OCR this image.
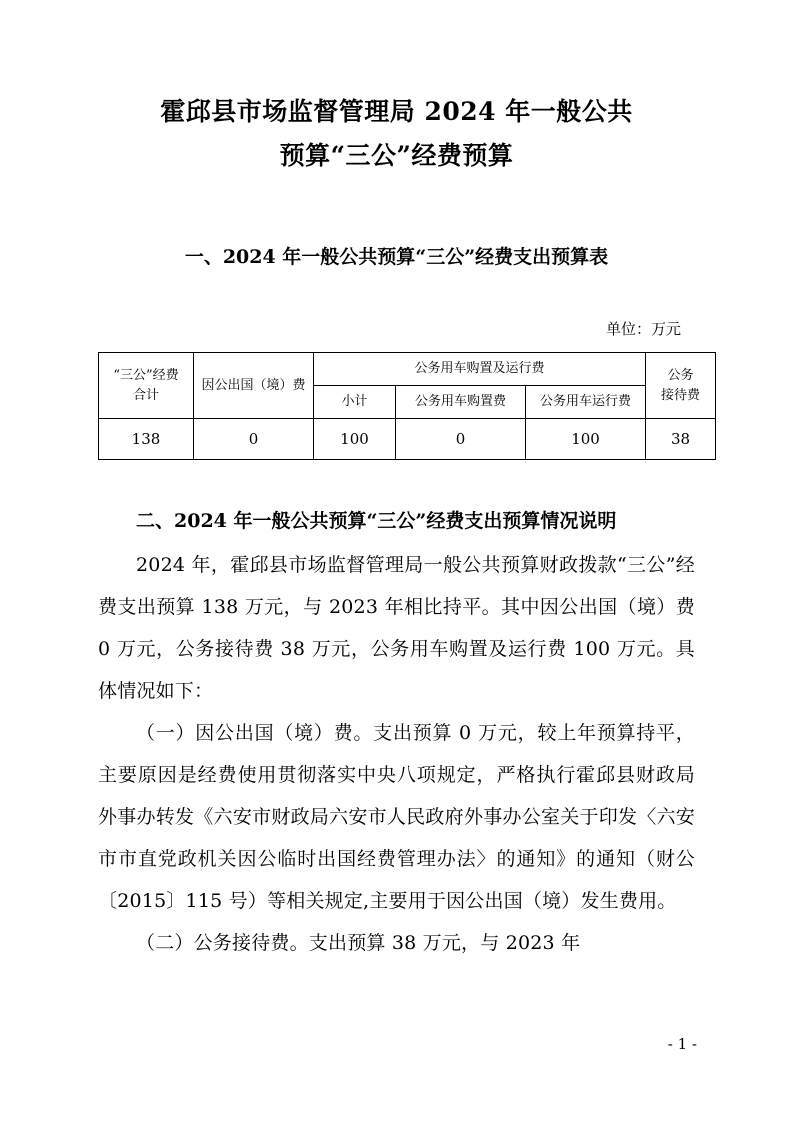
霍邱县市场监督管理局 2024 年一般公共
预算“三公”经费预算
一、2024 年一般公共预算“三公”经费支出预算表

单位：万元

“三公”经费
合计	因公出国（境）费	公务用车购置及运行费			公务
接待费

		小计	公务用车购置费	公务用车运行费	
138	0	100	0	100	38
二、2024 年一般公共预算“三公”经费支出预算情况说明

2024 年，霍邱县市场监督管理局一般公共预算财政拨款“三公”经费支出预算 138 万元，与 2023 年相比持平。其中因公出国（境）费 0 万元，公务接待费 38 万元，公务用车购置及运行费 100 万元。具体情况如下：

（一）因公出国（境）费。支出预算 0 万元，较上年预算持平，主要原因是经费使用贯彻落实中央八项规定，严格执行霍邱县财政局 外事办转发《六安市财政局六安市人民政府外事办公室关于印发〈六安市市直党政机关因公临时出国经费管理办法〉的通知》的通知（财公〔2015〕115 号）等相关规定,主要用于因公出国（境）发生费用。

（二）公务接待费。支出预算 38 万元，与 2023 年

- 1 -
